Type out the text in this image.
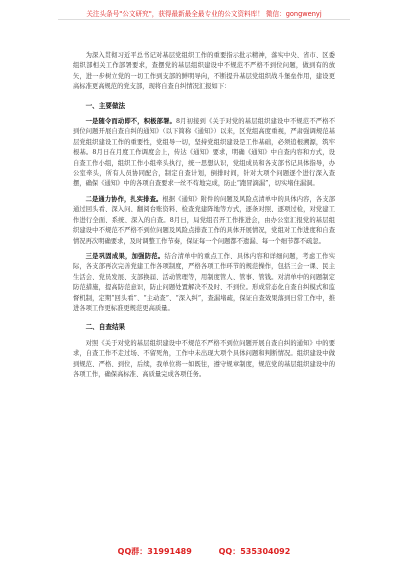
关注头条号"公文研究"，获得最新最全最专业的公文资料库！ 微信：gongwenyj

为深入贯彻习近平总书记对基层党组织工作的重要指示批示精神，落实中央、省市、区委组织部相关工作部署要求，查摆党的基层组织建设中不规范不严格不到位问题，做到有的放矢，进一步树立党的一切工作到支部的鲜明导向，不断提升基层党组织战斗堡垒作用，建设更高标准更高规范的党支部，现将自查自纠情况汇报如下：

一、主要做法

一是随令而动即不，积极部署。8月初接到《关于对党的基层组织建设中不规范不严格不到位问题开展自查自纠的通知》（以下简称《通知》）以来，区党组高度重视，严肃强调规范基层党组织建设工作的重要性，党组导一切，坚持党组织建设是工作基础，必须追根溯源，筑牢根基。8月日在月度工作调度会上，传达《通知》要求，明确《通知》中自查内容和方式，设自查工作小组，组织工作小组牵头执行，统一思想认识，党组成员和各支部书记具体指导，办公室牵头，所有人员协同配合，制定自查计划，倒排时间，针对大项个问题逐个进行深入查摆，确保《通知》中的各项自查要求一丝不苟地完成，防止“跑冒滴漏”，切实堵住漏洞。

二是通力协作，扎实排查。根据《通知》附件的问题及风险点清单中的具体内容，各支部通过回头看、深入问、翻阅台账资料、检查党建阵地等方式，逐条对照、逐项过检，对党建工作进行全面、系统、深入的自查。8月日，局党组召开工作推进会，由办公室汇报党的基层组织建设中不规范不严格不到位问题及风险点排查工作的具体开展情况，党组对工作进度和自查情况再次明确要求，及时调整工作节奏，保证每一个问题都不遗漏、每一个细节都不疏忽。

三是巩固成果，加强防范。结合清单中的重点工作、具体内容和详细问题，考虑工作实际，各支部再次完善党建工作各项制度，严格各项工作环节的规范操作，包括三会一课、民主生活会、党员发展、支部换届、活动管理等，用制度管人、管事、管钱。对清单中的问题制定防范措施，提高防范意识，防止问题处置解决不及时、不到位。形成常态化自查自纠模式和监督机制，定期“回头看”、“主动查”、“深入纠”，查漏堵疏，保证自查效果落到日常工作中，推进各项工作更标准更规范更高质量。

二、自查结果

对照《关于对党的基层组织建设中不规范不严格不到位问题开展自查自纠的通知》中的要求，自查工作不走过场、不留死角，工作中未出现大项个具体问题和判断情况。组织建设中做到规范、严格、到位，后续，我单位将一如既往，遵守规章制度，规范党的基层组织建设中的各项工作，确保高标准、高质量完成各项任务。

QQ群：31991489	QQ：535304092
